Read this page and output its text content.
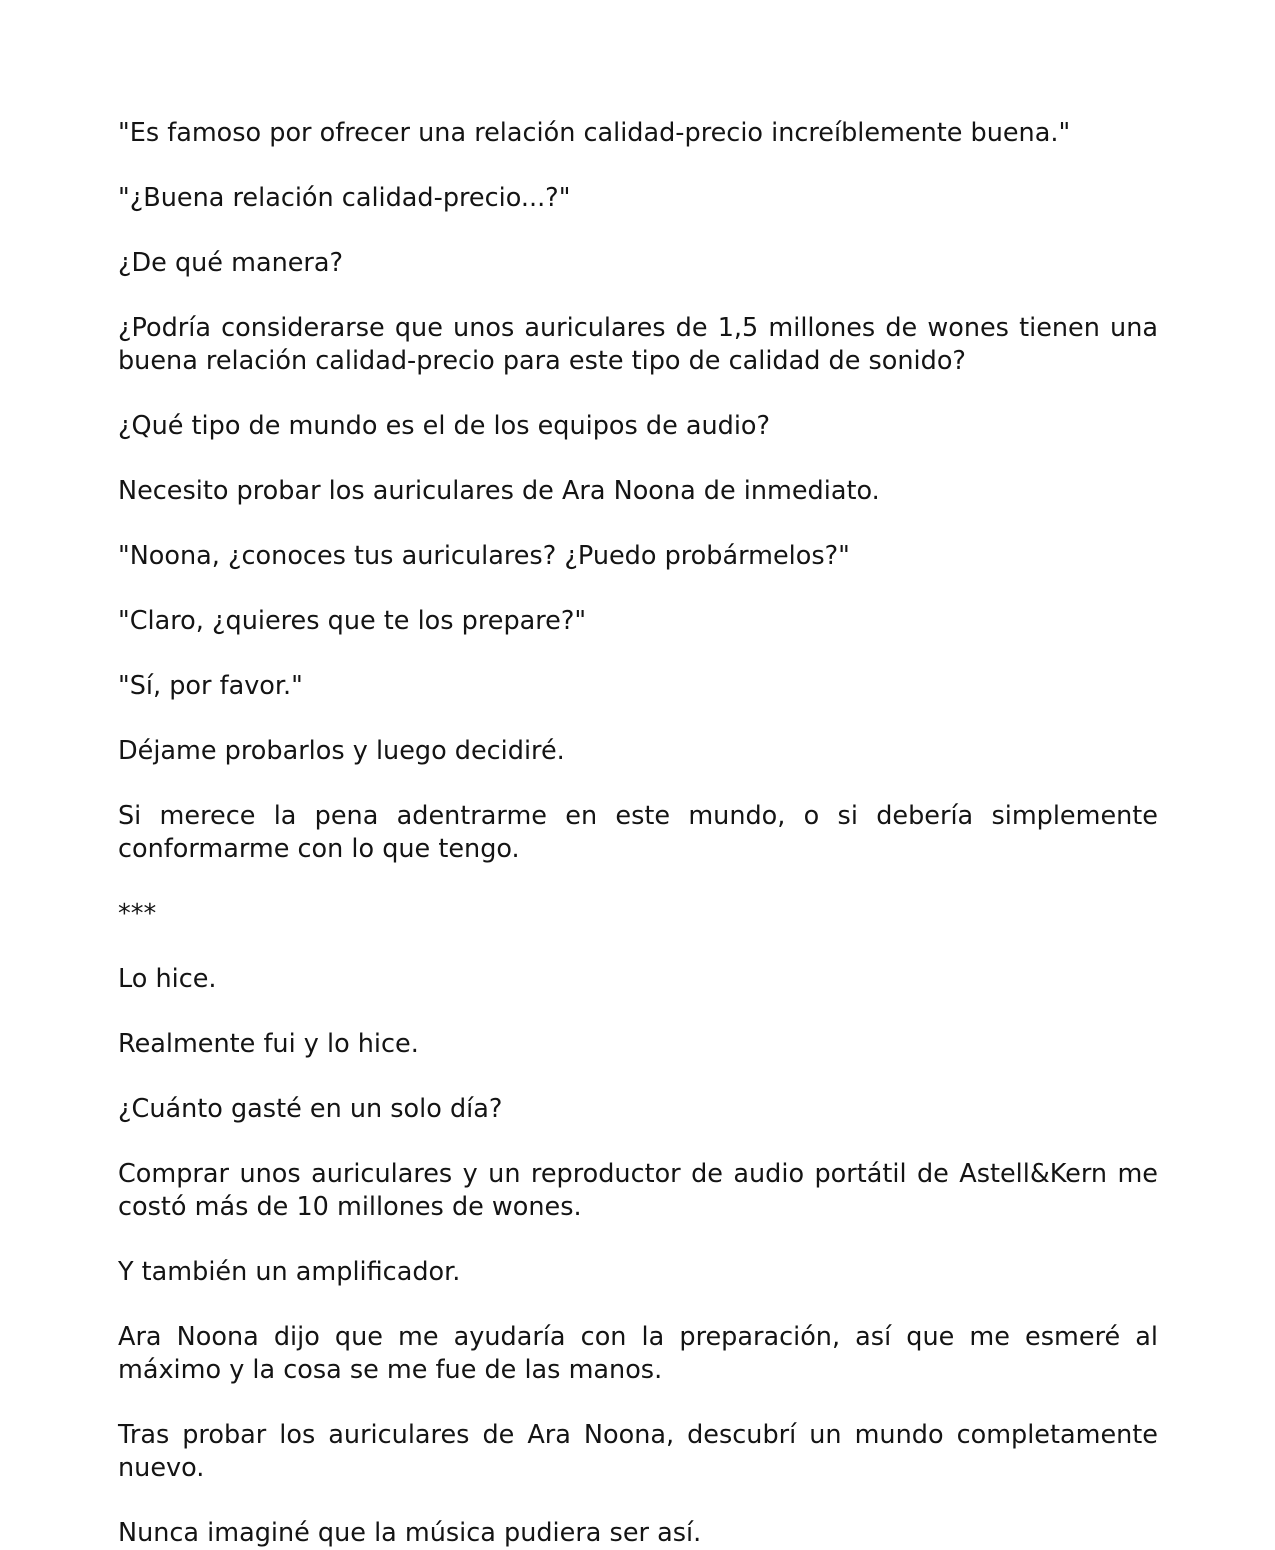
"Es famoso por ofrecer una relación calidad-precio increíblemente buena."

"¿Buena relación calidad-precio...?"

¿De qué manera?

¿Podría considerarse que unos auriculares de 1,5 millones de wones tienen una buena relación calidad-precio para este tipo de calidad de sonido?

¿Qué tipo de mundo es el de los equipos de audio?

Necesito probar los auriculares de Ara Noona de inmediato.

"Noona, ¿conoces tus auriculares? ¿Puedo probármelos?"

"Claro, ¿quieres que te los prepare?"

"Sí, por favor."

Déjame probarlos y luego decidiré.

Si merece la pena adentrarme en este mundo, o si debería simplemente conformarme con lo que tengo.

***

Lo hice.

Realmente fui y lo hice.

¿Cuánto gasté en un solo día?

Comprar unos auriculares y un reproductor de audio portátil de Astell&Kern me costó más de 10 millones de wones.

Y también un amplificador.

Ara Noona dijo que me ayudaría con la preparación, así que me esmeré al máximo y la cosa se me fue de las manos.

Tras probar los auriculares de Ara Noona, descubrí un mundo completamente nuevo.

Nunca imaginé que la música pudiera ser así.
